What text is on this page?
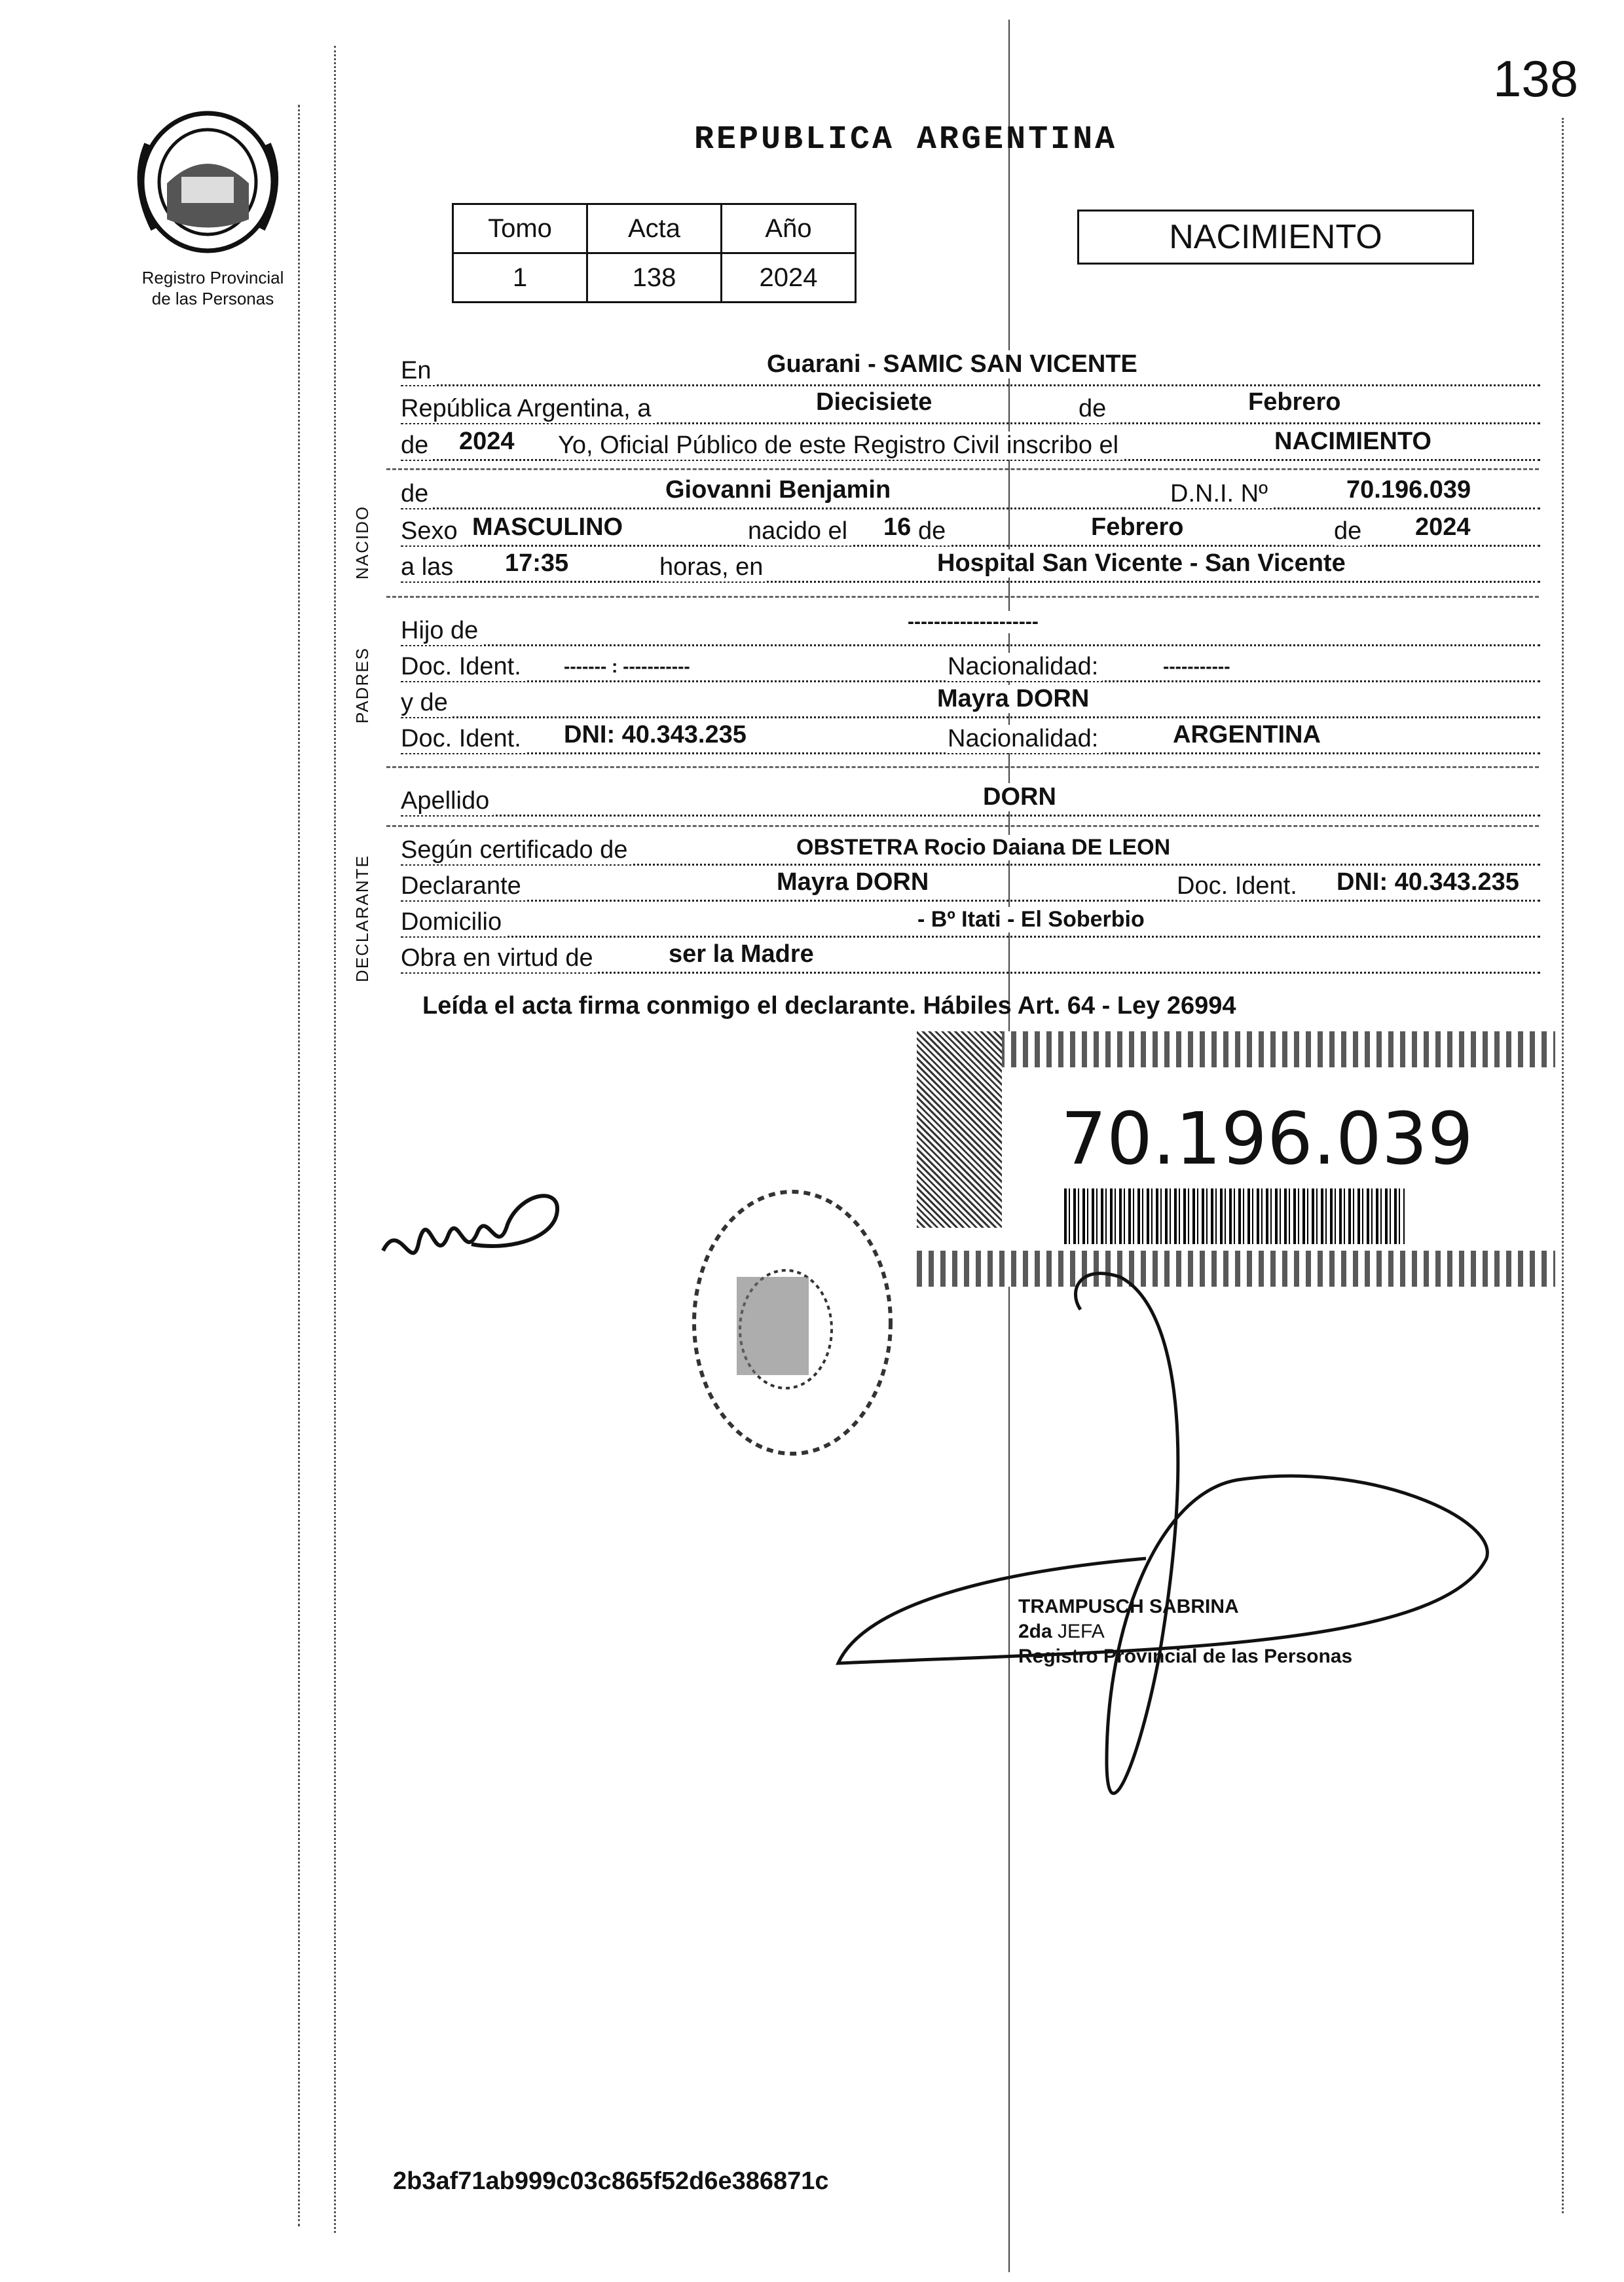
138
Registro Provincial
de las Personas
REPUBLICA ARGENTINA
Tomo	Acta	Año
1	138	2024
NACIMIENTO
En	Guarani - SAMIC SAN VICENTE
República Argentina, a	Diecisiete	de	Febrero
de 2024 Yo, Oficial Público de este Registro Civil inscribo el	NACIMIENTO
de	Giovanni Benjamin	D.N.I. Nº	70.196.039
Sexo MASCULINO	nacido el 16 de	Febrero	de 2024
a las 17:35	horas, en	Hospital San Vicente - San Vicente
Hijo de	--------------------
Doc. Ident. ------- : -----------	Nacionalidad:	-----------
y de	Mayra DORN
Doc. Ident. DNI: 40.343.235	Nacionalidad:	ARGENTINA
Apellido	DORN
Según certificado de	OBSTETRA Rocio Daiana DE LEON
Declarante	Mayra DORN	Doc. Ident. DNI: 40.343.235
Domicilio	- Bº Itati - El Soberbio
Obra en virtud de	ser la Madre
NACIDO
PADRES
DECLARANTE
Leída el acta firma conmigo el declarante. Hábiles Art. 64 - Ley 26994
70.196.039
TRAMPUSCH SABRINA
2da JEFA
Registro Provincial de las Personas
2b3af71ab999c03c865f52d6e386871c
